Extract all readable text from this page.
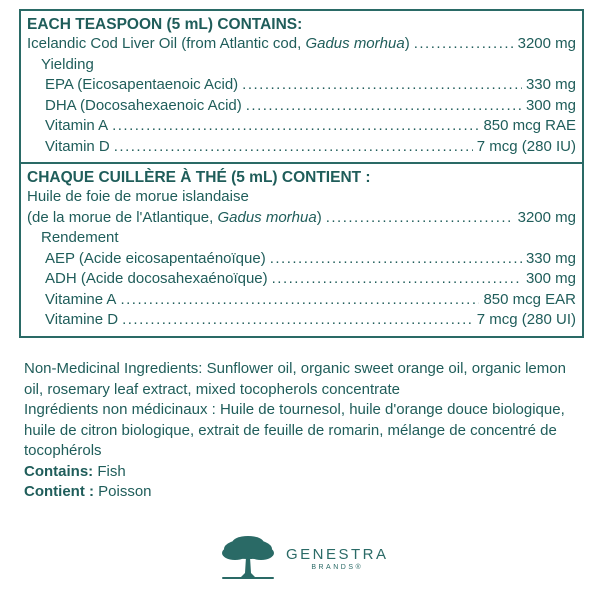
EACH TEASPOON (5 mL) CONTAINS:
Icelandic Cod Liver Oil (from Atlantic cod, Gadus morhua) .....	3200 mg
Yielding
EPA (Eicosapentaenoic Acid) .....	330 mg
DHA (Docosahexaenoic Acid) .....	300 mg
Vitamin A .....	850 mcg RAE
Vitamin D .....	7 mcg (280 IU)
CHAQUE CUILLÈRE À THÉ (5 mL) CONTIENT :
Huile de foie de morue islandaise
(de la morue de l'Atlantique, Gadus morhua) .....	3200 mg
Rendement
AEP (Acide eicosapentaénoïque) .....	330 mg
ADH (Acide docosahexaénoïque) .....	300 mg
Vitamine A .....	850 mcg EAR
Vitamine D .....	7 mcg (280 UI)

Non-Medicinal Ingredients: Sunflower oil, organic sweet orange oil, organic lemon oil, rosemary leaf extract, mixed tocopherols concentrate

Ingrédients non médicinaux : Huile de tournesol, huile d'orange douce biologique, huile de citron biologique, extrait de feuille de romarin, mélange de concentré de tocophérols

Contains: Fish
Contient : Poisson
GENESTRA
BRANDS®
